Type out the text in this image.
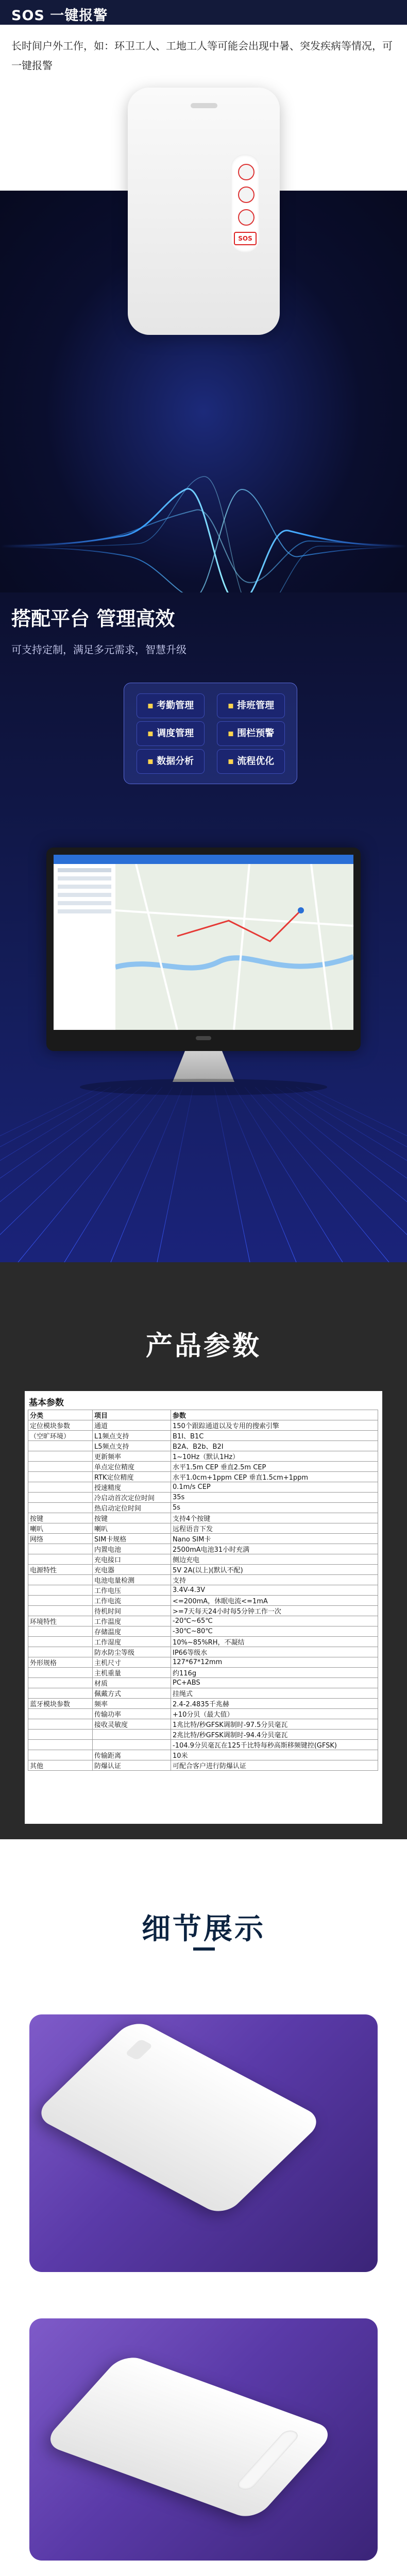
SOS 一键报警
长时间户外工作，如：环卫工人、工地工人等可能会出现中暑、突发疾病等情况，可一键报警
SOS
搭配平台 管理高效
可支持定制，满足多元需求，智慧升级
▪ 考勤管理	▪ 排班管理
▪ 调度管理	▪ 围栏预警
▪ 数据分析	▪ 流程优化
产品参数
基本参数
分类	项目	参数
定位模块参数	通道	150个跟踪通道以及专用的搜索引擎
（空旷环境）	L1频点支持	B1I、B1C
	L5频点支持	B2A、B2b、B2I
	更新频率	1~10Hz（默认1Hz）
	单点定位精度	水平1.5m CEP 垂直2.5m CEP
	RTK定位精度	水平1.0cm+1ppm CEP 垂直1.5cm+1ppm
	授速精度	0.1m/s CEP
	冷启动首次定位时间	35s
	热启动定位时间	5s
按键	按键	支持4个按键
喇叭	喇叭	远程语音下发
网络	SIM卡规格	Nano SIM卡
	内置电池	2500mA电池31小时充满
	充电接口	侧边充电
电源特性	充电器	5V 2A(以上)(默认不配)
	电池电量检测	支持
	工作电压	3.4V-4.3V
	工作电流	<=200mA，休眠电流<=1mA
	待机时间	>=7天每天24小时每5分钟工作一次
环境特性	工作温度	-20℃~65℃
	存储温度	-30℃~80℃
	工作湿度	10%~85%RH，不凝结
	防水防尘等级	IP66等级水
外形规格	主机尺寸	127*67*12mm
	主机重量	约116g
	材质	PC+ABS
	佩戴方式	挂绳式
蓝牙模块参数	频率	2.4-2.4835千兆赫
	传输功率	+10分贝（最大值）
	接收灵敏度	1兆比特/秒GFSK调制时-97.5分贝毫瓦
		2兆比特/秒GFSK调制时-94.4分贝毫瓦
		-104.9分贝毫瓦在125千比特每秒高斯移频键控(GFSK)
	传输距离	10米
其他	防爆认证	可配合客户进行防爆认证
细节展示
